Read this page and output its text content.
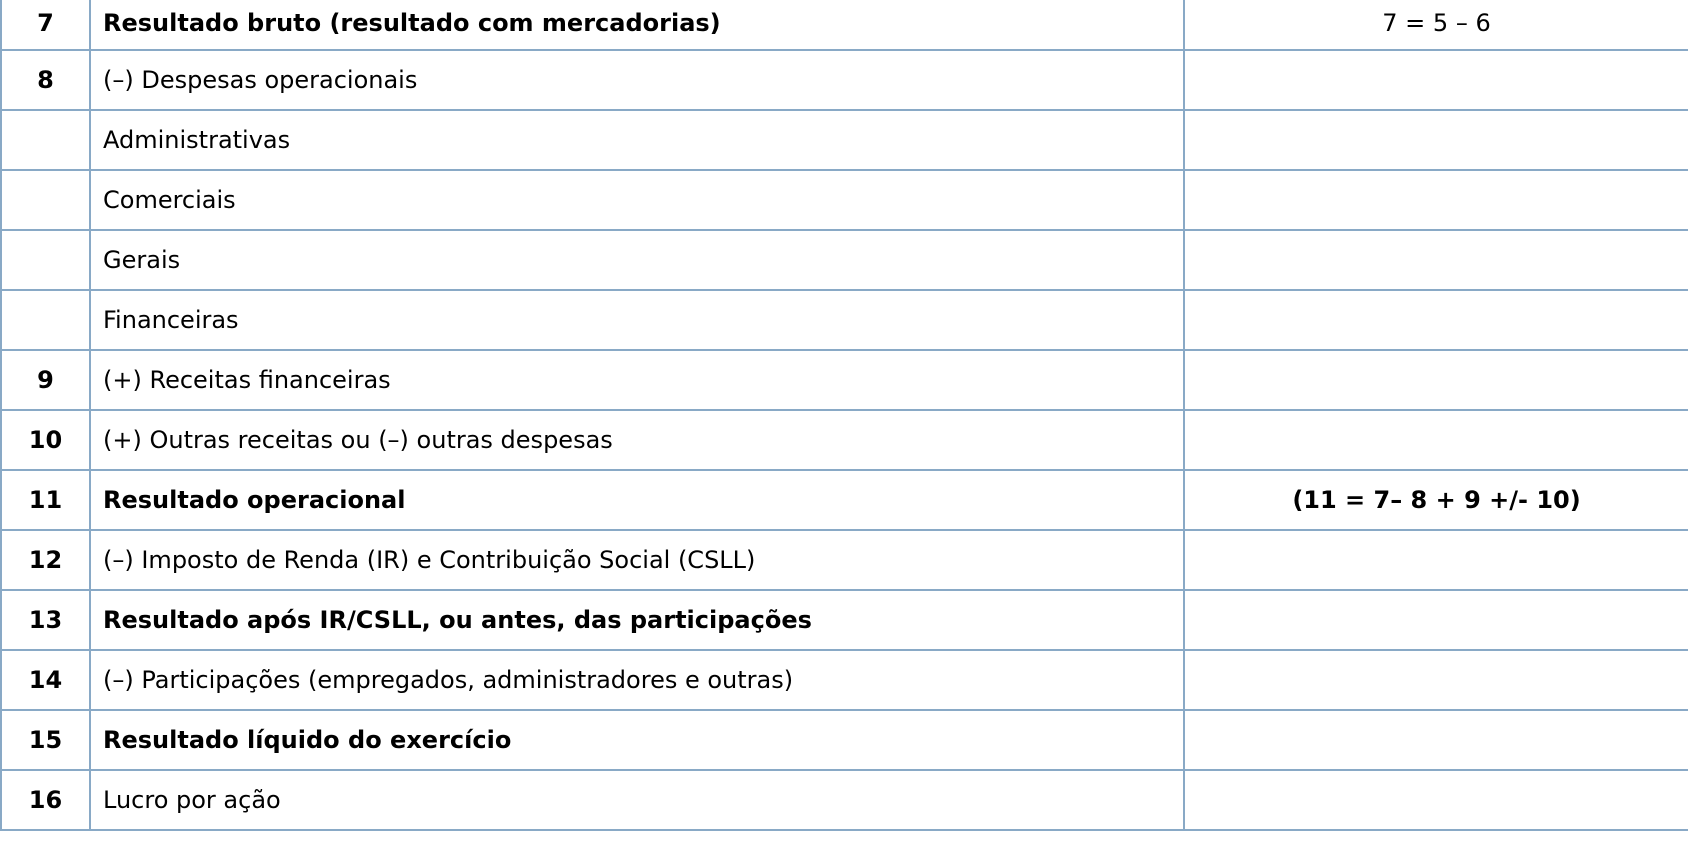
7	Resultado bruto (resultado com mercadorias)	7 = 5 – 6
8	(–) Despesas operacionais	
	Administrativas	
	Comerciais	
	Gerais	
	Financeiras	
9	(+) Receitas financeiras	
10	(+) Outras receitas ou (–) outras despesas	
11	Resultado operacional	(11 = 7– 8 + 9 +/- 10)
12	(–) Imposto de Renda (IR) e Contribuição Social (CSLL)	
13	Resultado após IR/CSLL, ou antes, das participações	
14	(–) Participações (empregados, administradores e outras)	
15	Resultado líquido do exercício	
16	Lucro por ação	
